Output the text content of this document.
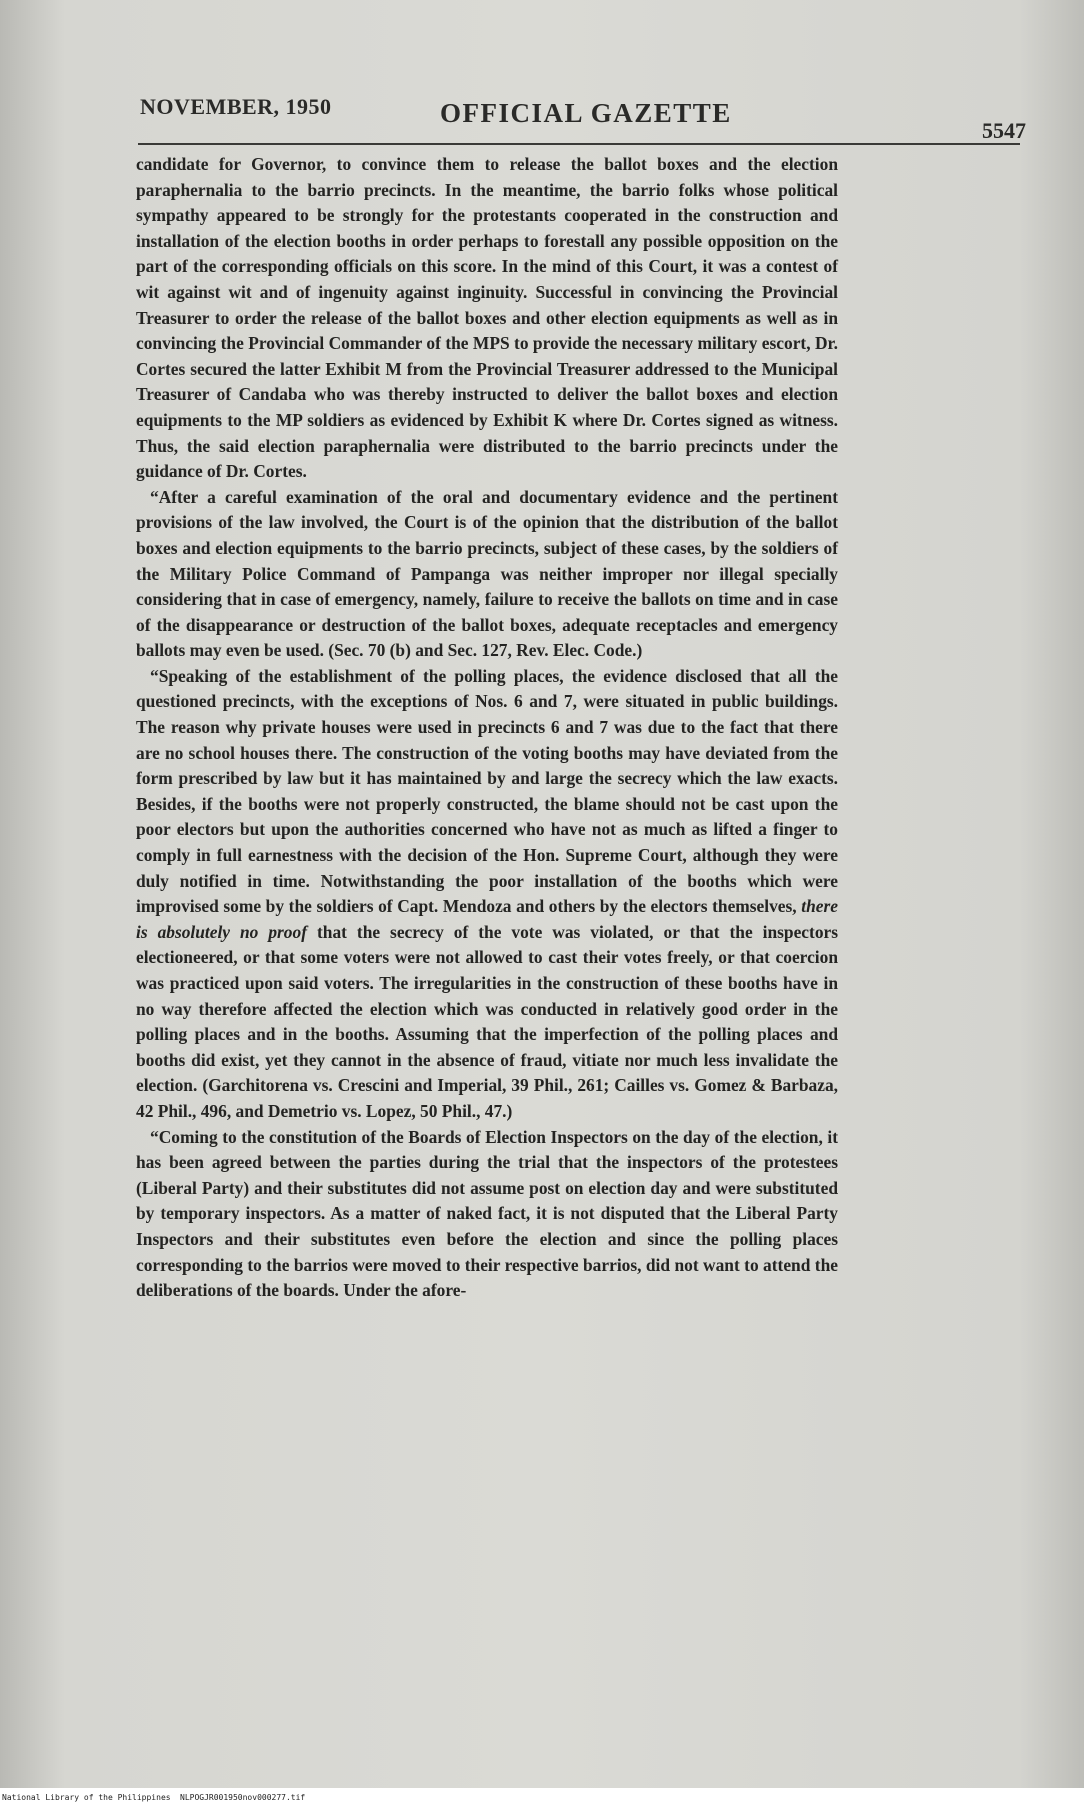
NOVEMBER, 1950	OFFICIAL GAZETTE
5547

candidate for Governor, to convince them to release the ballot boxes and the election paraphernalia to the barrio precincts. In the meantime, the barrio folks whose political sympathy appeared to be strongly for the protestants cooperated in the construction and installation of the election booths in order perhaps to forestall any possible opposition on the part of the corresponding officials on this score. In the mind of this Court, it was a contest of wit against wit and of ingenuity against inginuity. Successful in convincing the Provincial Treasurer to order the release of the ballot boxes and other election equipments as well as in convincing the Provincial Commander of the MPS to provide the necessary military escort, Dr. Cortes secured the latter Exhibit M from the Provincial Treasurer addressed to the Municipal Treasurer of Candaba who was thereby instructed to deliver the ballot boxes and election equipments to the MP soldiers as evidenced by Exhibit K where Dr. Cortes signed as witness. Thus, the said election paraphernalia were distributed to the barrio precincts under the guidance of Dr. Cortes.

“After a careful examination of the oral and documentary evidence and the pertinent provisions of the law involved, the Court is of the opinion that the distribution of the ballot boxes and election equipments to the barrio precincts, subject of these cases, by the soldiers of the Military Police Command of Pampanga was neither improper nor illegal specially considering that in case of emergency, namely, failure to receive the ballots on time and in case of the disappearance or destruction of the ballot boxes, adequate receptacles and emergency ballots may even be used. (Sec. 70 (b) and Sec. 127, Rev. Elec. Code.)

“Speaking of the establishment of the polling places, the evidence disclosed that all the questioned precincts, with the exceptions of Nos. 6 and 7, were situated in public buildings. The reason why private houses were used in precincts 6 and 7 was due to the fact that there are no school houses there. The construction of the voting booths may have deviated from the form prescribed by law but it has maintained by and large the secrecy which the law exacts. Besides, if the booths were not properly constructed, the blame should not be cast upon the poor electors but upon the authorities concerned who have not as much as lifted a finger to comply in full earnestness with the decision of the Hon. Supreme Court, although they were duly notified in time. Notwithstanding the poor installation of the booths which were improvised some by the soldiers of Capt. Mendoza and others by the electors themselves, there is absolutely no proof that the secrecy of the vote was violated, or that the inspectors electioneered, or that some voters were not allowed to cast their votes freely, or that coercion was practiced upon said voters. The irregularities in the construction of these booths have in no way therefore affected the election which was conducted in relatively good order in the polling places and in the booths. Assuming that the imperfection of the polling places and booths did exist, yet they cannot in the absence of fraud, vitiate nor much less invalidate the election. (Garchitorena vs. Crescini and Imperial, 39 Phil., 261; Cailles vs. Gomez & Barbaza, 42 Phil., 496, and Demetrio vs. Lopez, 50 Phil., 47.)

“Coming to the constitution of the Boards of Election Inspectors on the day of the election, it has been agreed between the parties during the trial that the inspectors of the protestees (Liberal Party) and their substitutes did not assume post on election day and were substituted by temporary inspectors. As a matter of naked fact, it is not disputed that the Liberal Party Inspectors and their substitutes even before the election and since the polling places corresponding to the barrios were moved to their respective barrios, did not want to attend the deliberations of the boards. Under the afore-

National Library of the Philippines NLPOGJR001950nov000277.tif
